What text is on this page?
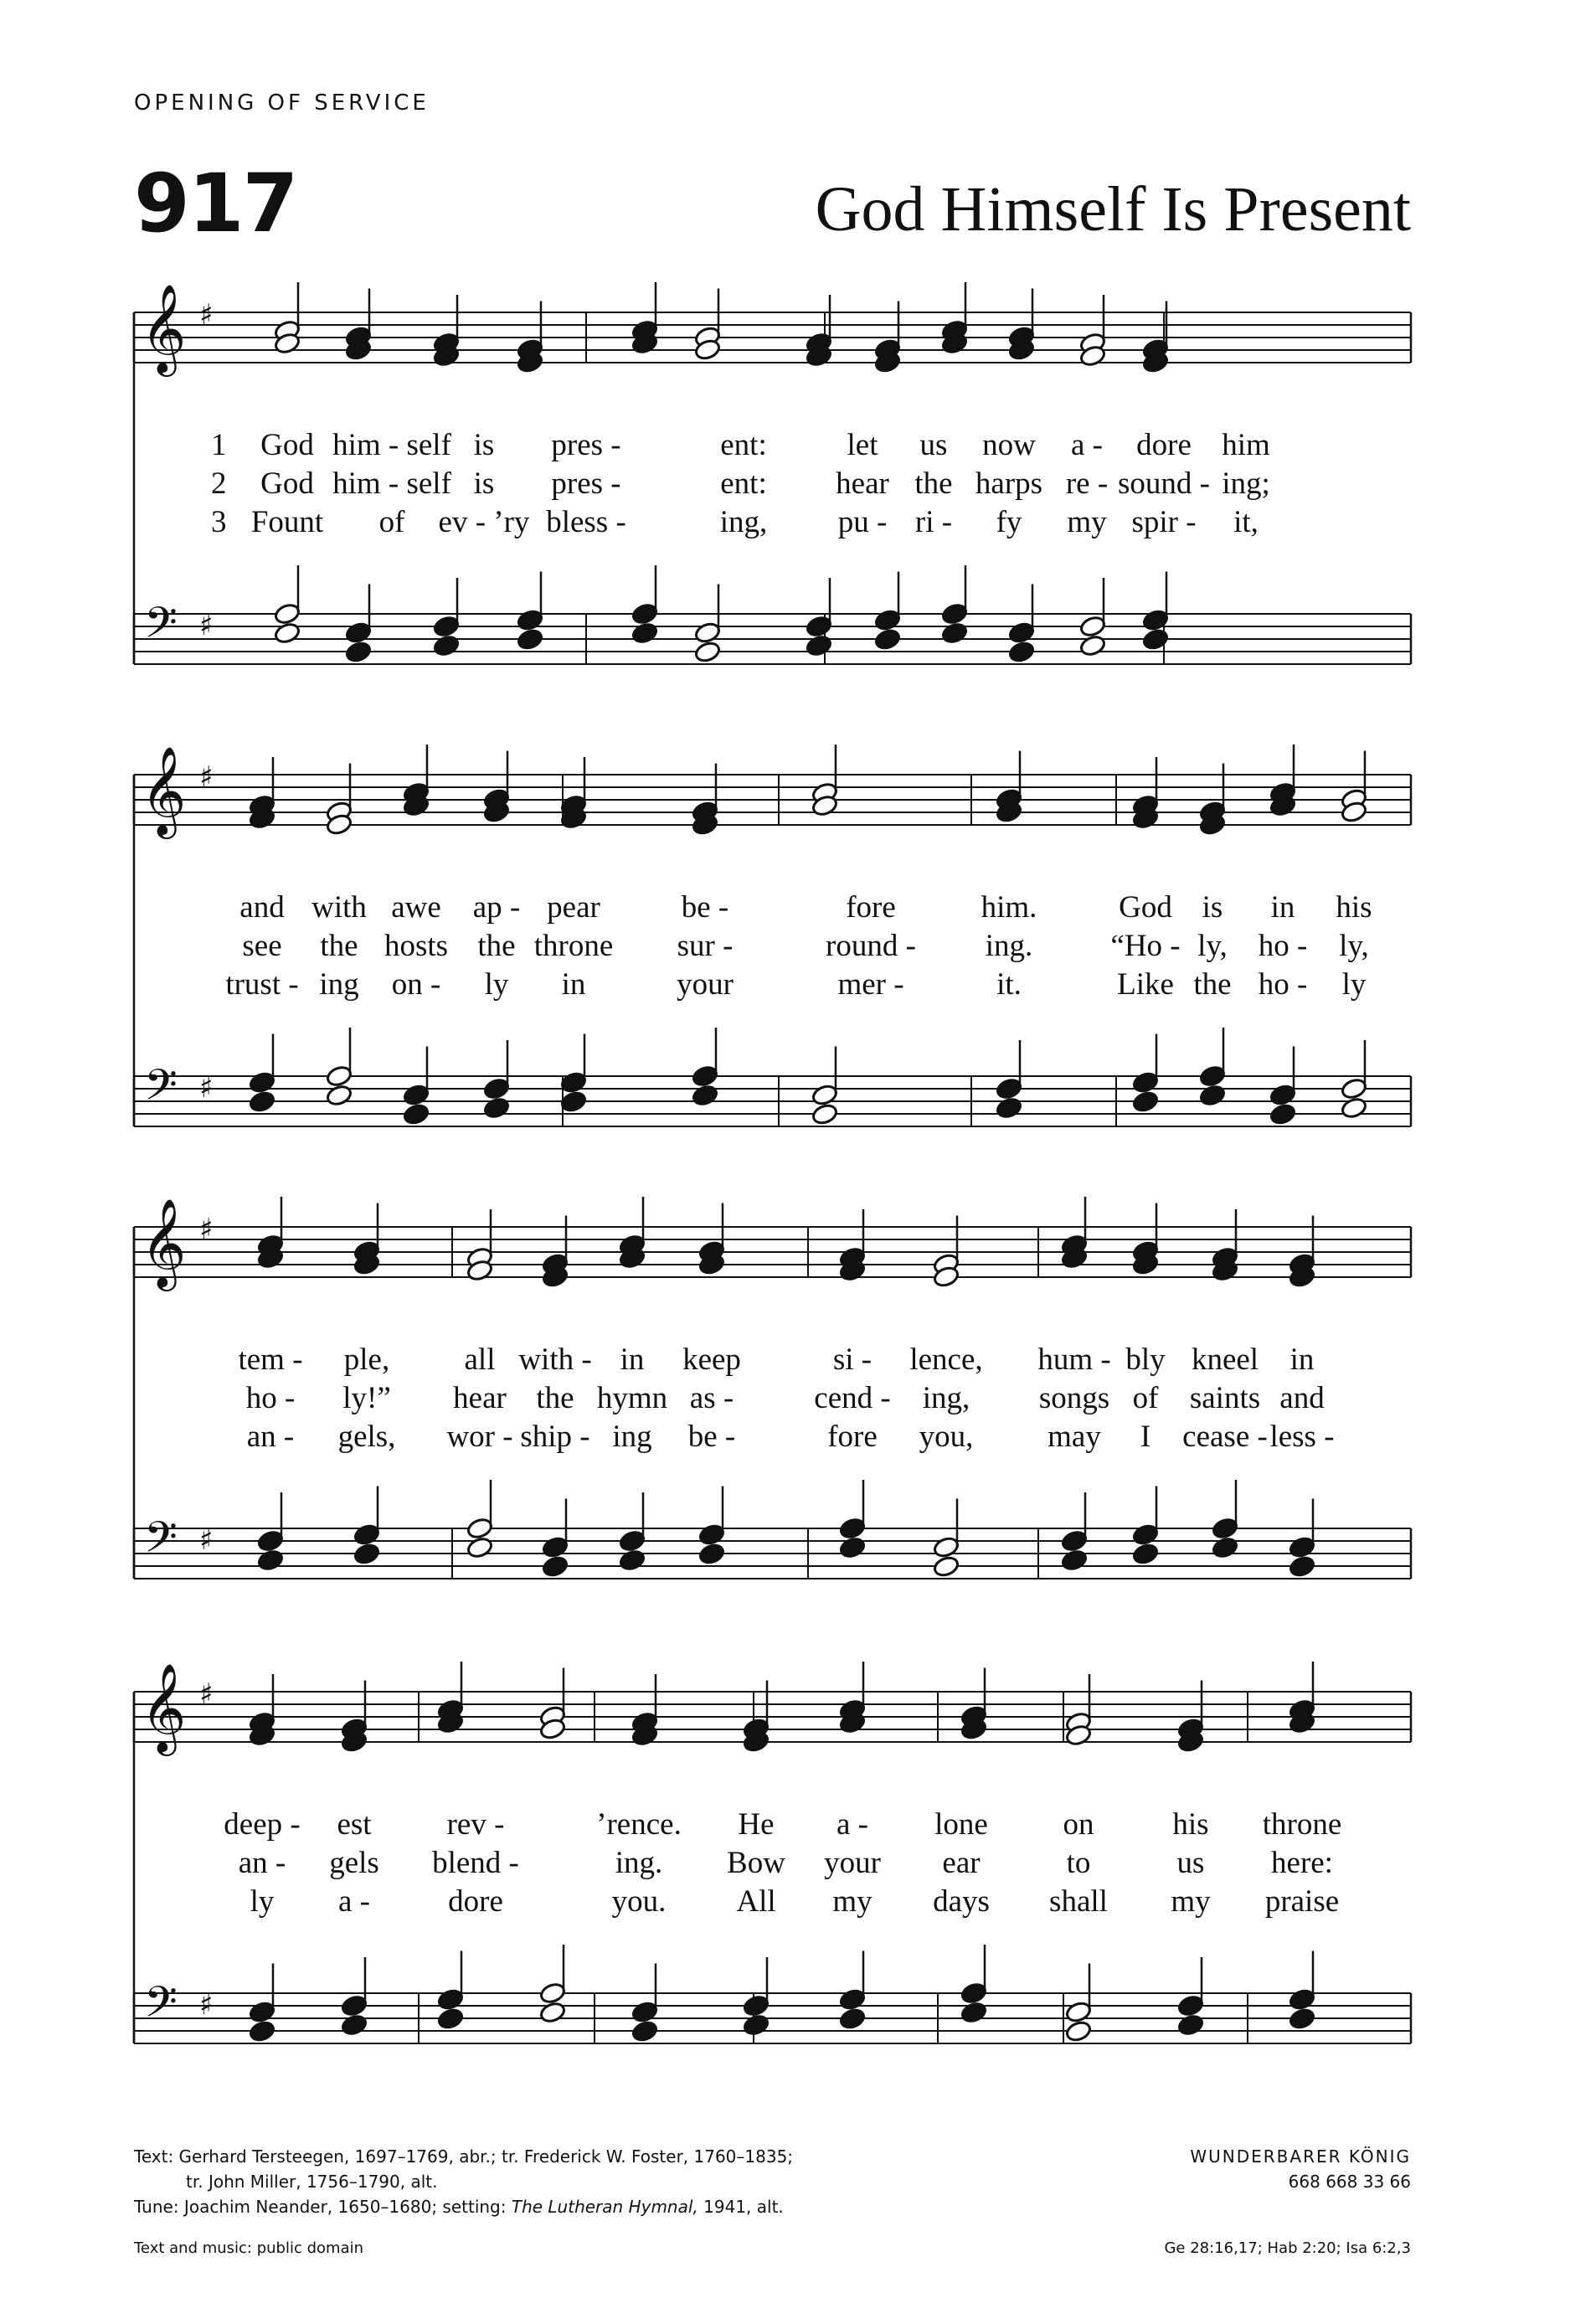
OPENING OF SERVICE
917	God Himself Is Present
𝄞
𝄢
♯
♯
1 God him - self is pres -	ent:	let us now a - dore him
2 God him - self is pres -	ent: hear the harps re - sound - ing;
3 Fount of ev - ’ry bless -	ing, pu - ri - fy my spir - it,
𝄞
𝄢
♯
♯
and with awe ap - pear	be -	fore	him.	God is in his
see the hosts the throne sur -	round - ing.	“Ho - ly, ho - ly,
trust - ing on - ly in	your	mer -	it.	Like the ho - ly
𝄞
𝄢
♯
♯
tem - ple, all with - in keep	si - lence, hum - bly kneel in
ho - ly!” hear the hymn as -	cend - ing, songs of saints and
an - gels, wor - ship - ing be -	fore you, may I cease - less -
𝄞
𝄢
♯
♯
deep - est rev -	’rence. He a - lone on	his throne
an - gels blend -	ing. Bow your ear	to	us here:
ly a -	dore	you. All my days shall my praise
Text: Gerhard Tersteegen, 1697–1769, abr.; tr. Frederick W. Foster, 1760–1835;
tr. John Miller, 1756–1790, alt.
Tune: Joachim Neander, 1650–1680; setting: The Lutheran Hymnal, 1941, alt.
WUNDERBARER KÖNIG
668 668 33 66
Text and music: public domain	Ge 28:16,17; Hab 2:20; Isa 6:2,3
